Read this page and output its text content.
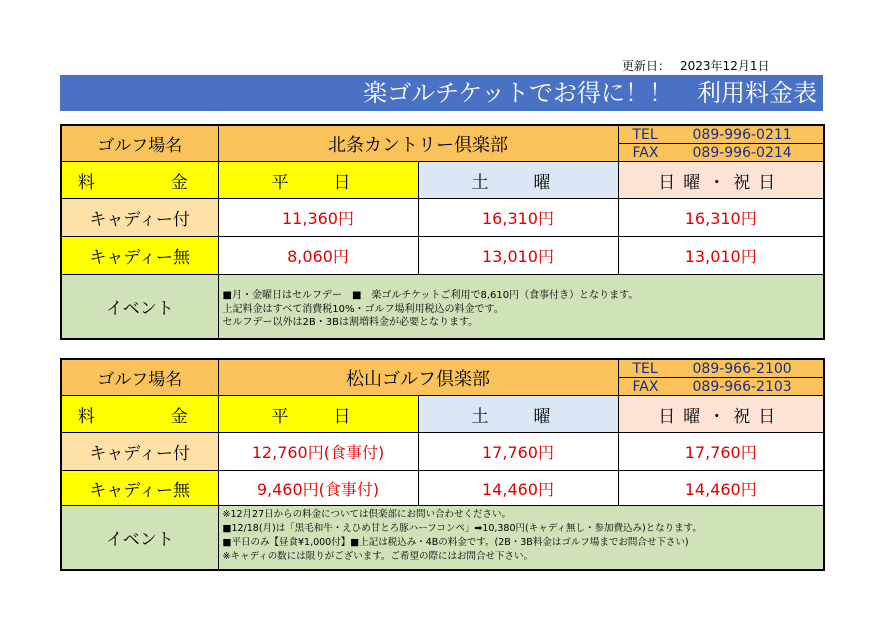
更新日： 2023年12月1日
楽ゴルチケットでお得に！！　利用料金表
ゴルフ場名	北条カントリー倶楽部		TEL 089-996-0211
			FAX 089-996-0214
料　　金	平　日	土　曜	日曜・祝日
キャディー付	11,360円	16,310円	16,310円
キャディー無	8,060円	13,010円	13,010円
イベント	■月・金曜日はセルフデー　■　楽ゴルチケットご利用で8,610円（食事付き）となります。
上記料金はすべて消費税10%・ゴルフ場利用税込の料金です。
セルフデー以外は2B・3Bは割増料金が必要となります。		
ゴルフ場名	松山ゴルフ倶楽部		TEL 089-966-2100
			FAX 089-966-2103
料　　金	平　日	土　曜	日曜・祝日
キャディー付	12,760円(食事付)	17,760円	17,760円
キャディー無	9,460円(食事付)	14,460円	14,460円
イベント	※12月27日からの料金については倶楽部にお問い合わせください。
■12/18(月)は「黒毛和牛・えひめ甘とろ豚ハーフコンペ」➡10,380円(キャディ無し・参加費込み)となります。
■平日のみ【昼食¥1,000付】■上記は税込み・4Bの料金です。(2B・3B料金はゴルフ場までお問合せ下さい)
※キャディの数には限りがございます。ご希望の際にはお問合せ下さい。		
